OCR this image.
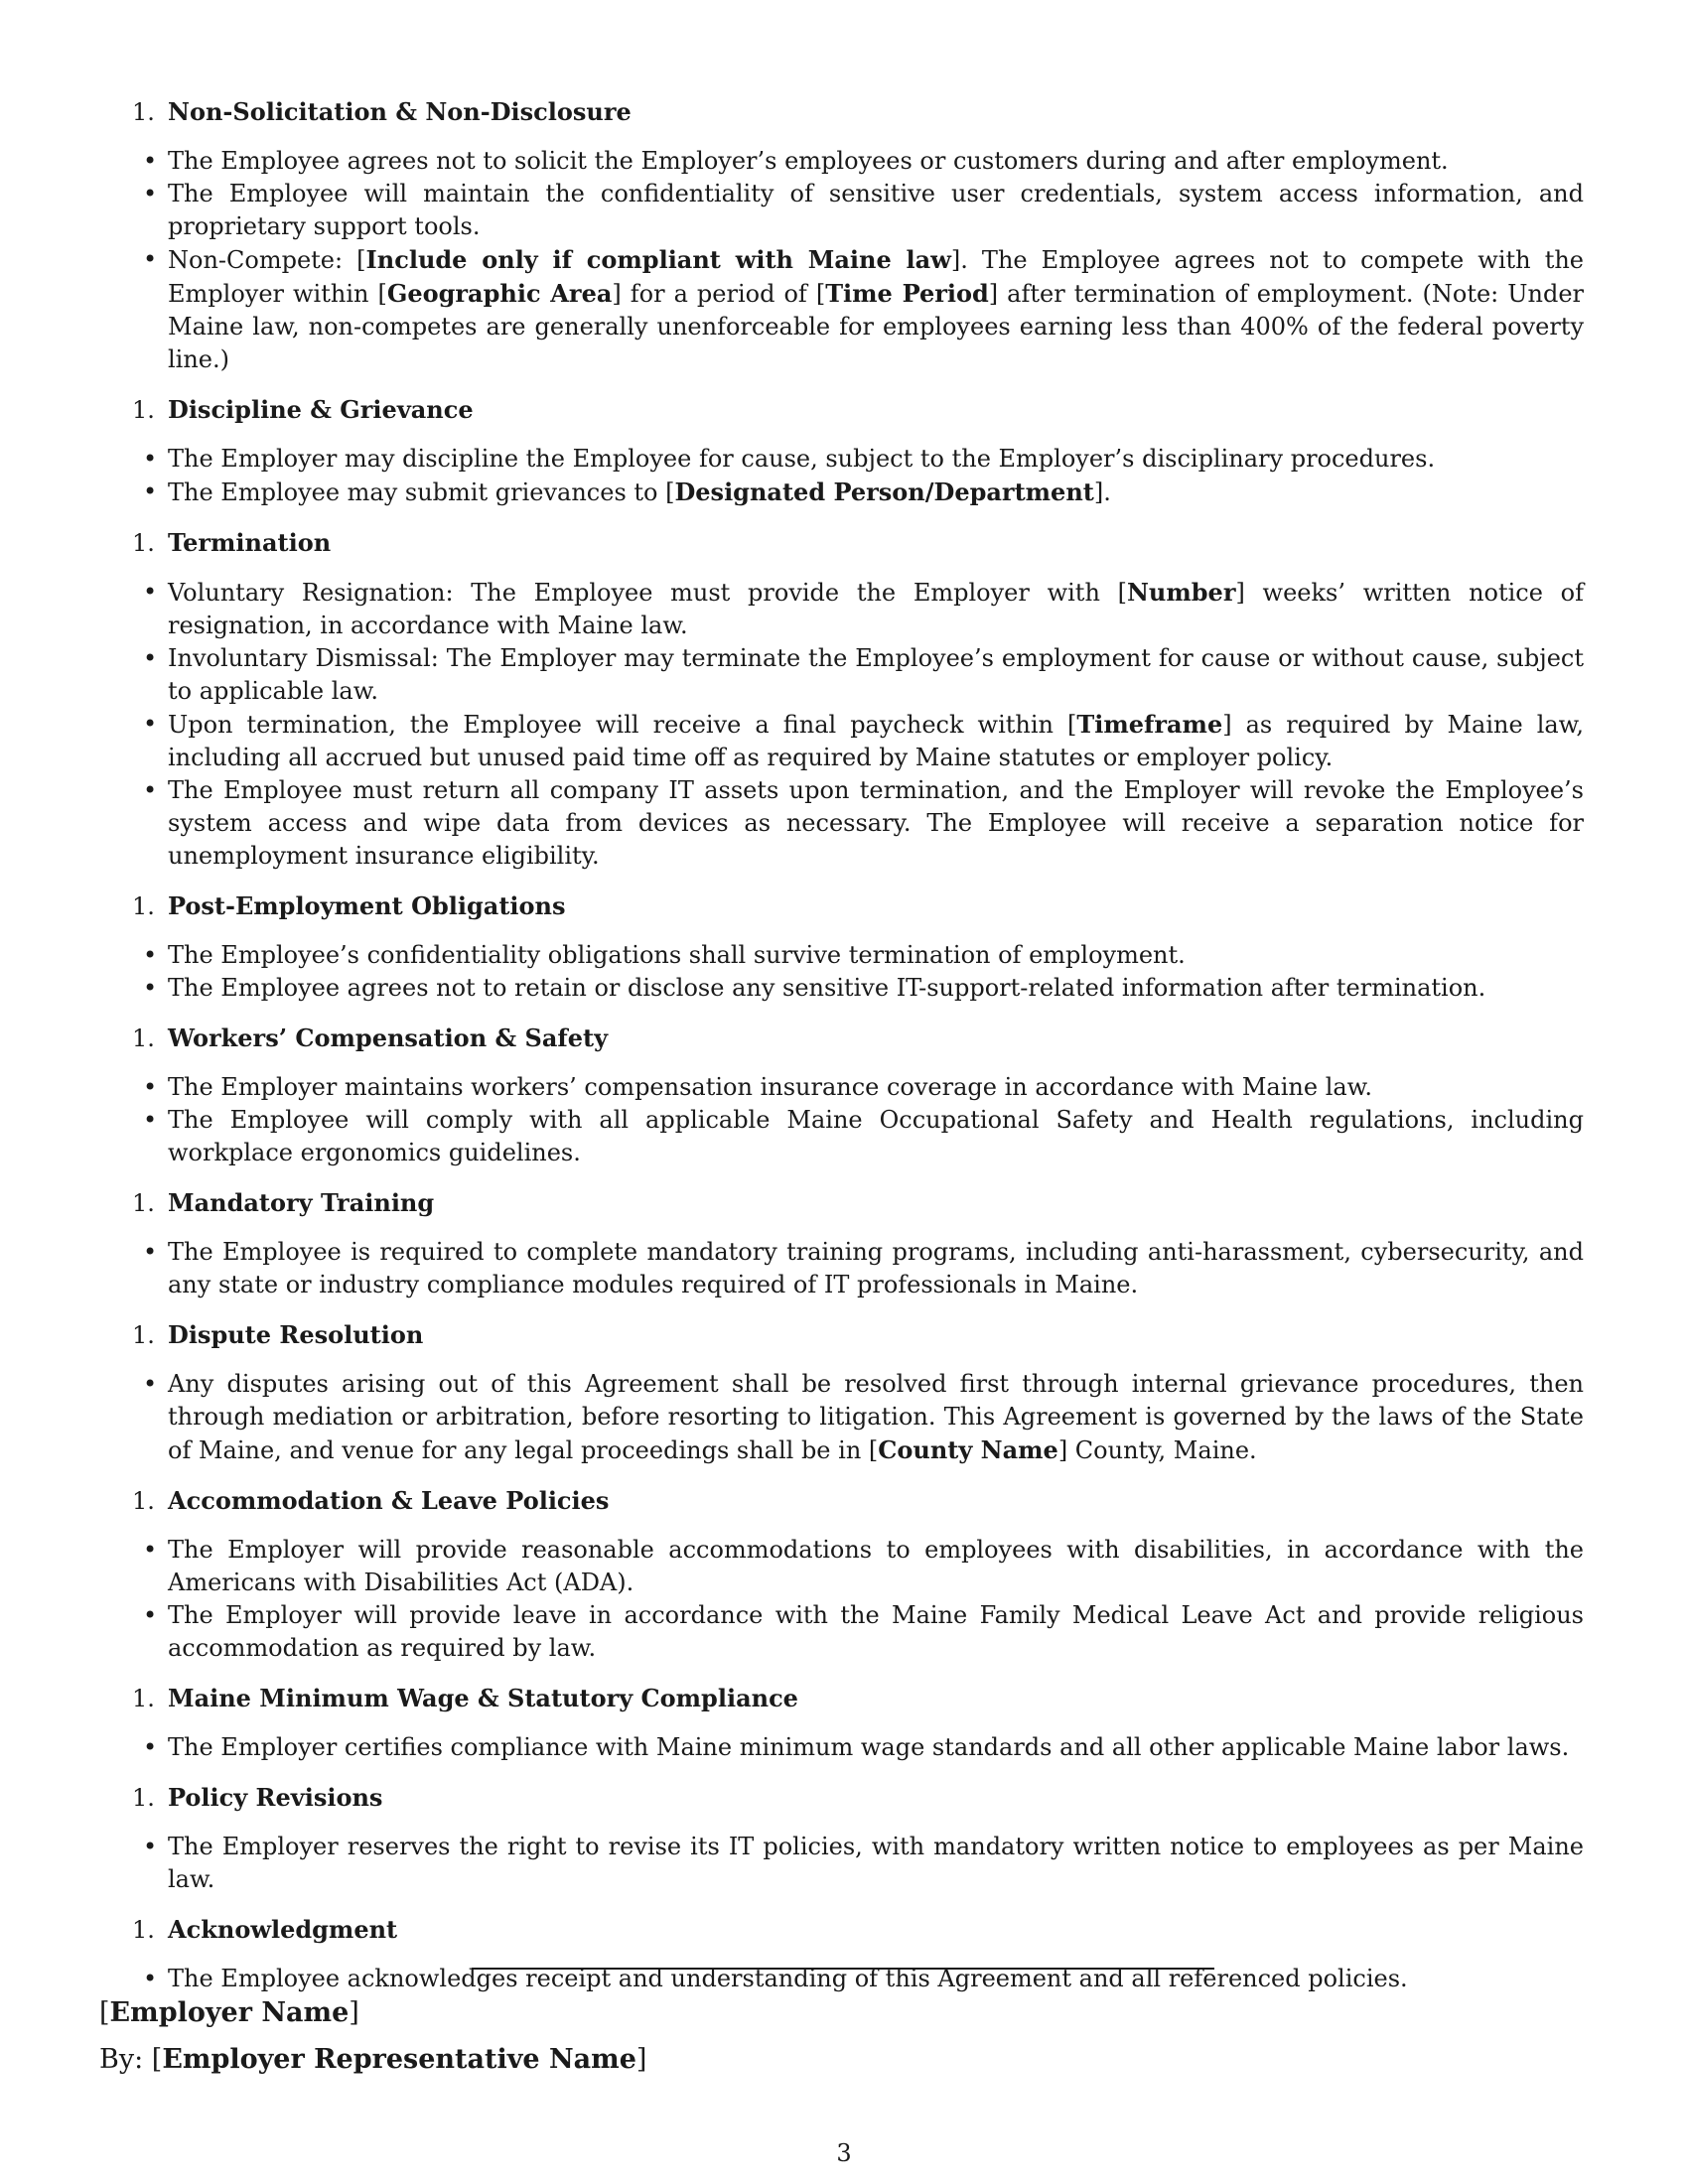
1. Non-Solicitation & Non-Disclosure
• The Employee agrees not to solicit the Employer’s employees or customers during and after employment.
• The Employee will maintain the confidentiality of sensitive user credentials, system access information, and proprietary support tools.
• Non-Compete: [Include only if compliant with Maine law]. The Employee agrees not to compete with the Employer within [Geographic Area] for a period of [Time Period] after termination of employment. (Note: Under Maine law, non-competes are generally unenforceable for employees earning less than 400% of the federal poverty line.)
1. Discipline & Grievance
• The Employer may discipline the Employee for cause, subject to the Employer’s disciplinary procedures.
• The Employee may submit grievances to [Designated Person/Department].
1. Termination
• Voluntary Resignation: The Employee must provide the Employer with [Number] weeks’ written notice of resignation, in accordance with Maine law.
• Involuntary Dismissal: The Employer may terminate the Employee’s employment for cause or without cause, subject to applicable law.
• Upon termination, the Employee will receive a final paycheck within [Timeframe] as required by Maine law, including all accrued but unused paid time off as required by Maine statutes or employer policy.
• The Employee must return all company IT assets upon termination, and the Employer will revoke the Employee’s system access and wipe data from devices as necessary. The Employee will receive a separation notice for unemployment insurance eligibility.
1. Post-Employment Obligations
• The Employee’s confidentiality obligations shall survive termination of employment.
• The Employee agrees not to retain or disclose any sensitive IT-support-related information after termination.
1. Workers’ Compensation & Safety
• The Employer maintains workers’ compensation insurance coverage in accordance with Maine law.
• The Employee will comply with all applicable Maine Occupational Safety and Health regulations, including workplace ergonomics guidelines.
1. Mandatory Training
• The Employee is required to complete mandatory training programs, including anti-harassment, cybersecurity, and any state or industry compliance modules required of IT professionals in Maine.
1. Dispute Resolution
• Any disputes arising out of this Agreement shall be resolved first through internal grievance procedures, then through mediation or arbitration, before resorting to litigation. This Agreement is governed by the laws of the State of Maine, and venue for any legal proceedings shall be in [County Name] County, Maine.
1. Accommodation & Leave Policies
• The Employer will provide reasonable accommodations to employees with disabilities, in accordance with the Americans with Disabilities Act (ADA).
• The Employer will provide leave in accordance with the Maine Family Medical Leave Act and provide religious accommodation as required by law.
1. Maine Minimum Wage & Statutory Compliance
• The Employer certifies compliance with Maine minimum wage standards and all other applicable Maine labor laws.
1. Policy Revisions
• The Employer reserves the right to revise its IT policies, with mandatory written notice to employees as per Maine law.
1. Acknowledgment
• The Employee acknowledges receipt and understanding of this Agreement and all referenced policies.
[Employer Name]
By: [Employer Representative Name]
3
